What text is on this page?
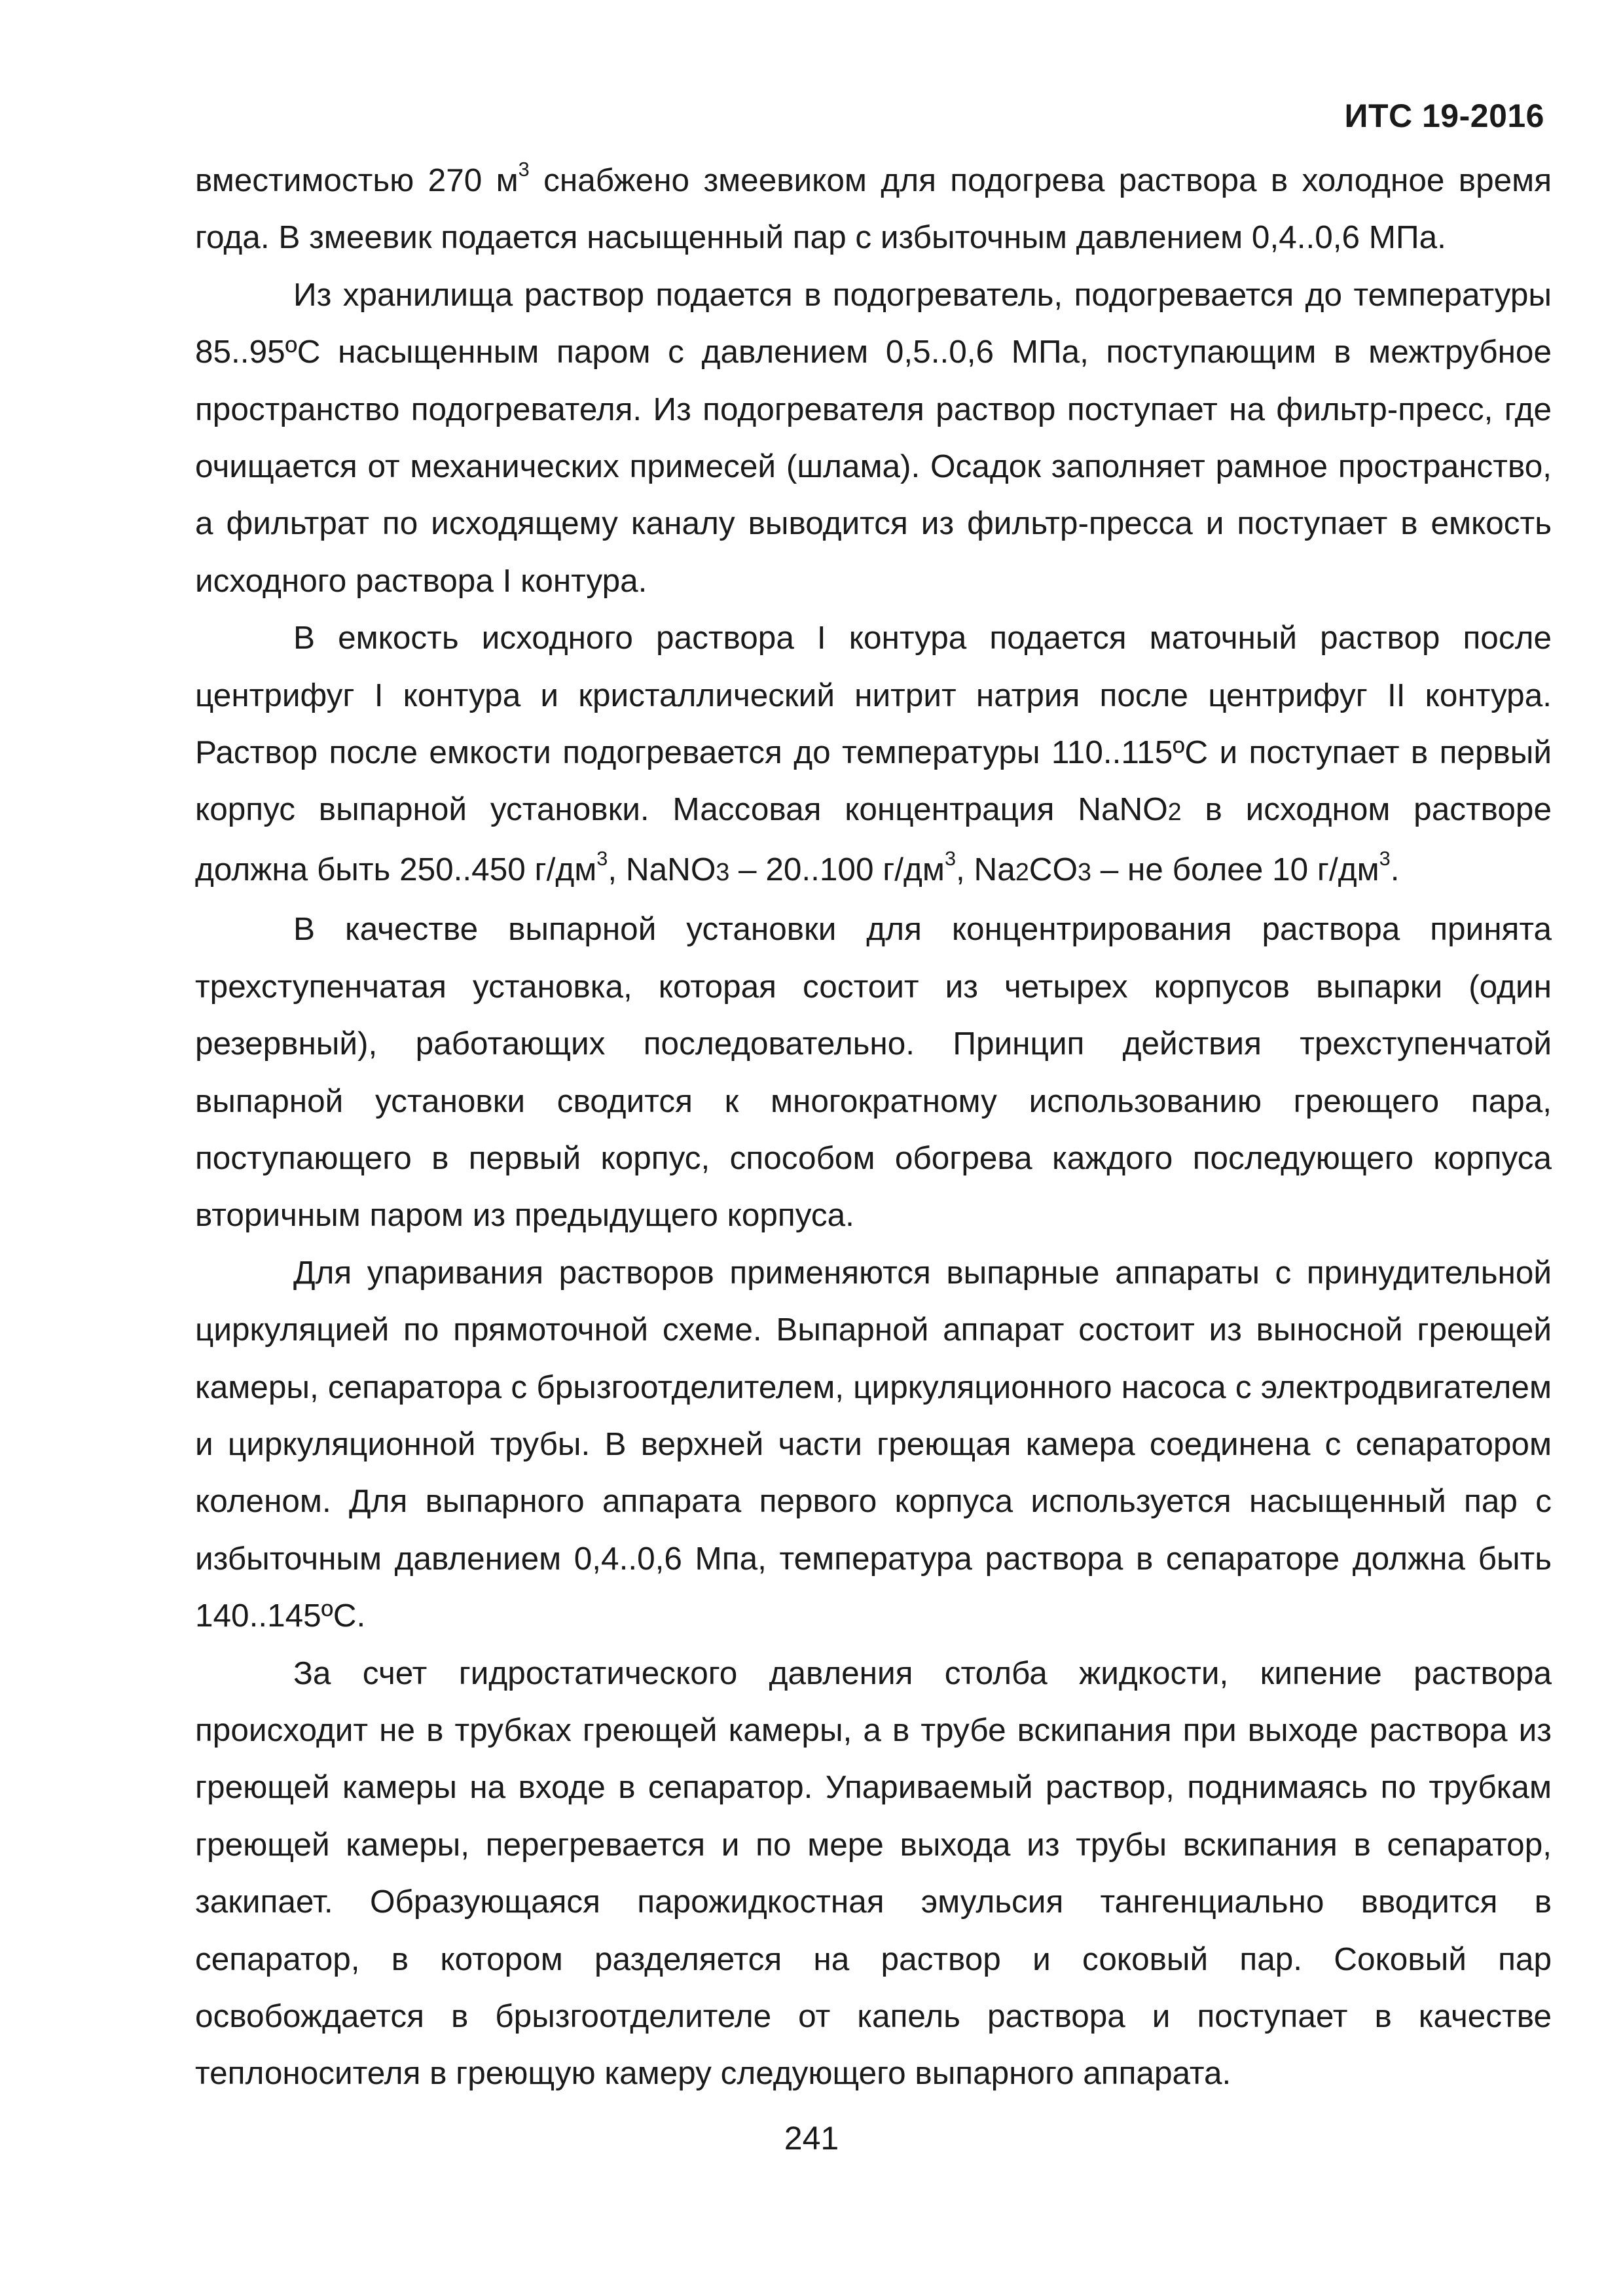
ИТС 19-2016

вместимостью 270 $м^3$ снабжено змеевиком для подогрева раствора в холодное время года. В змеевик подается насыщенный пар с избыточным давлением 0,4..0,6 МПа.

Из хранилища раствор подается в подогреватель, подогревается до температуры 85..95ºС насыщенным паром с давлением 0,5..0,6 МПа, поступающим в межтрубное пространство подогревателя. Из подогревателя раствор поступает на фильтр-пресс, где очищается от механических примесей (шлама). Осадок заполняет рамное пространство, а фильтрат по исходящему каналу выводится из фильтр-пресса и поступает в емкость исходного раствора I контура.

В емкость исходного раствора I контура подается маточный раствор после центрифуг I контура и кристаллический нитрит натрия после центрифуг II контура. Раствор после емкости подогревается до температуры 110..115ºС и поступает в первый корпус выпарной установки. Массовая концентрация NaNO2 в исходном растворе должна быть 250..450 $г/дм^3$, NaNO3 – 20..100 $г/дм^3$, Na2CO3 – не более 10 $г/дм^3$.

В качестве выпарной установки для концентрирования раствора принята трехступенчатая установка, которая состоит из четырех корпусов выпарки (один резервный), работающих последовательно. Принцип действия трехступенчатой выпарной установки сводится к многократному использованию греющего пара, поступающего в первый корпус, способом обогрева каждого последующего корпуса вторичным паром из предыдущего корпуса.

Для упаривания растворов применяются выпарные аппараты с принудительной циркуляцией по прямоточной схеме. Выпарной аппарат состоит из выносной греющей камеры, сепаратора с брызгоотделителем, циркуляционного насоса с электродвигателем и циркуляционной трубы. В верхней части греющая камера соединена с сепаратором коленом. Для выпарного аппарата первого корпуса используется насыщенный пар с избыточным давлением 0,4..0,6 Мпа, температура раствора в сепараторе должна быть 140..145ºС.

За счет гидростатического давления столба жидкости, кипение раствора происходит не в трубках греющей камеры, а в трубе вскипания при выходе раствора из греющей камеры на входе в сепаратор. Упариваемый раствор, поднимаясь по трубкам греющей камеры, перегревается и по мере выхода из трубы вскипания в сепаратор, закипает. Образующаяся парожидкостная эмульсия тангенциально вводится в сепаратор, в котором разделяется на раствор и соковый пар. Соковый пар освобождается в брызгоотделителе от капель раствора и поступает в качестве теплоносителя в греющую камеру следующего выпарного аппарата.

241
